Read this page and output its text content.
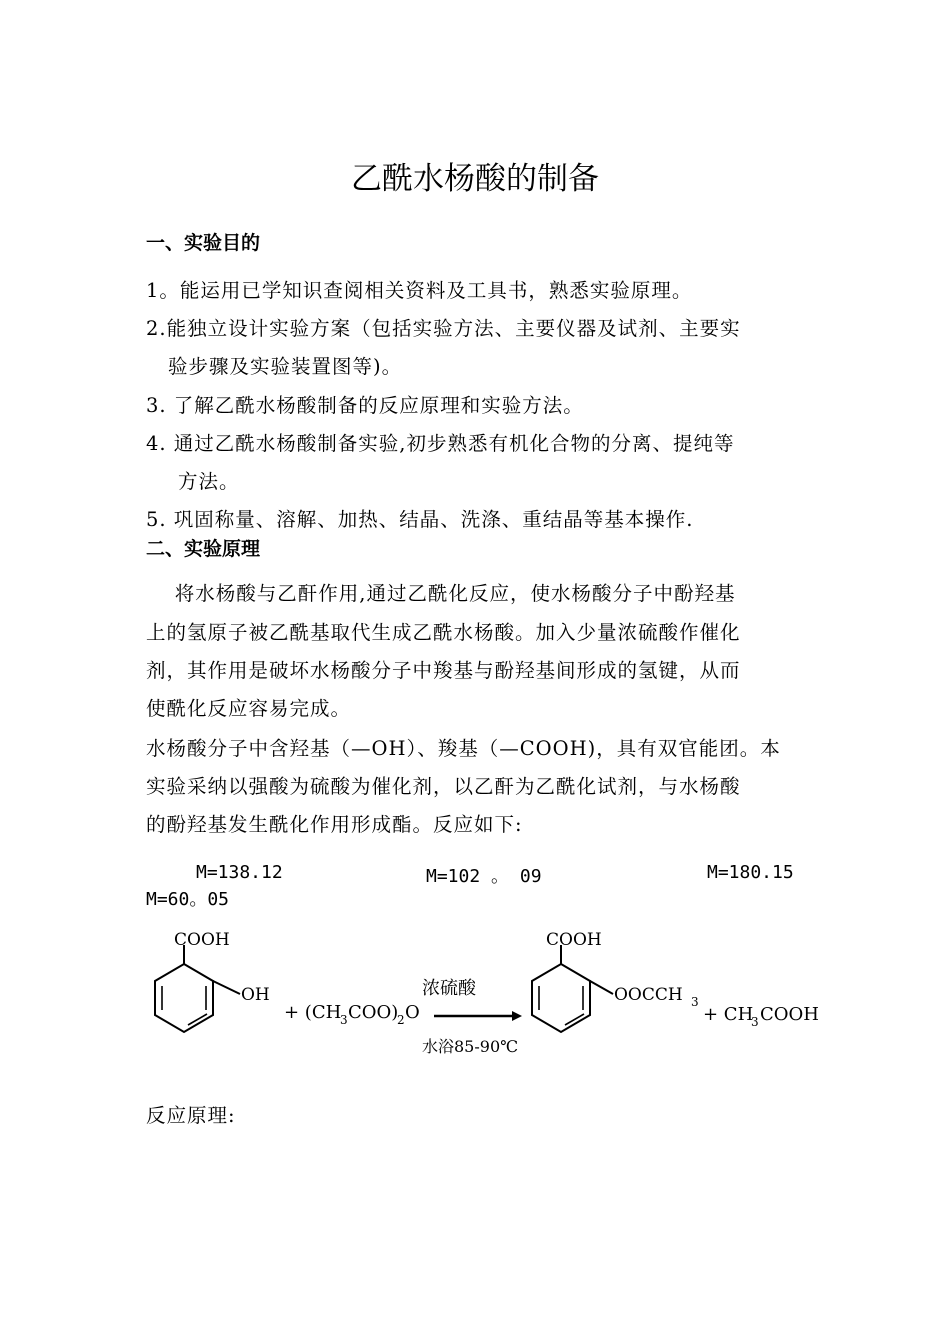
乙酰水杨酸的制备
一、实验目的
1。能运用已学知识查阅相关资料及工具书，熟悉实验原理。
2.能独立设计实验方案（包括实验方法、主要仪器及试剂、主要实
验步骤及实验装置图等)。
3. 了解乙酰水杨酸制备的反应原理和实验方法。
4. 通过乙酰水杨酸制备实验,初步熟悉有机化合物的分离、提纯等
方法。
5. 巩固称量、溶解、加热、结晶、洗涤、重结晶等基本操作.
二、实验原理
将水杨酸与乙酐作用,通过乙酰化反应，使水杨酸分子中酚羟基
上的氢原子被乙酰基取代生成乙酰水杨酸。加入少量浓硫酸作催化
剂，其作用是破坏水杨酸分子中羧基与酚羟基间形成的氢键，从而
使酰化反应容易完成。
水杨酸分子中含羟基（—OH）、羧基（—COOH)，具有双官能团。本
实验采纳以强酸为硫酸为催化剂，以乙酐为乙酰化试剂，与水杨酸
的酚羟基发生酰化作用形成酯。反应如下:
M=138.12	M=102 。 09	M=180.15
M=60。05
COOH
OH
+ (CH
3 COO)
2 O
浓硫酸
水浴85-90℃
COOH
OOCCH 3
+ CH
3 COOH
反应原理:
